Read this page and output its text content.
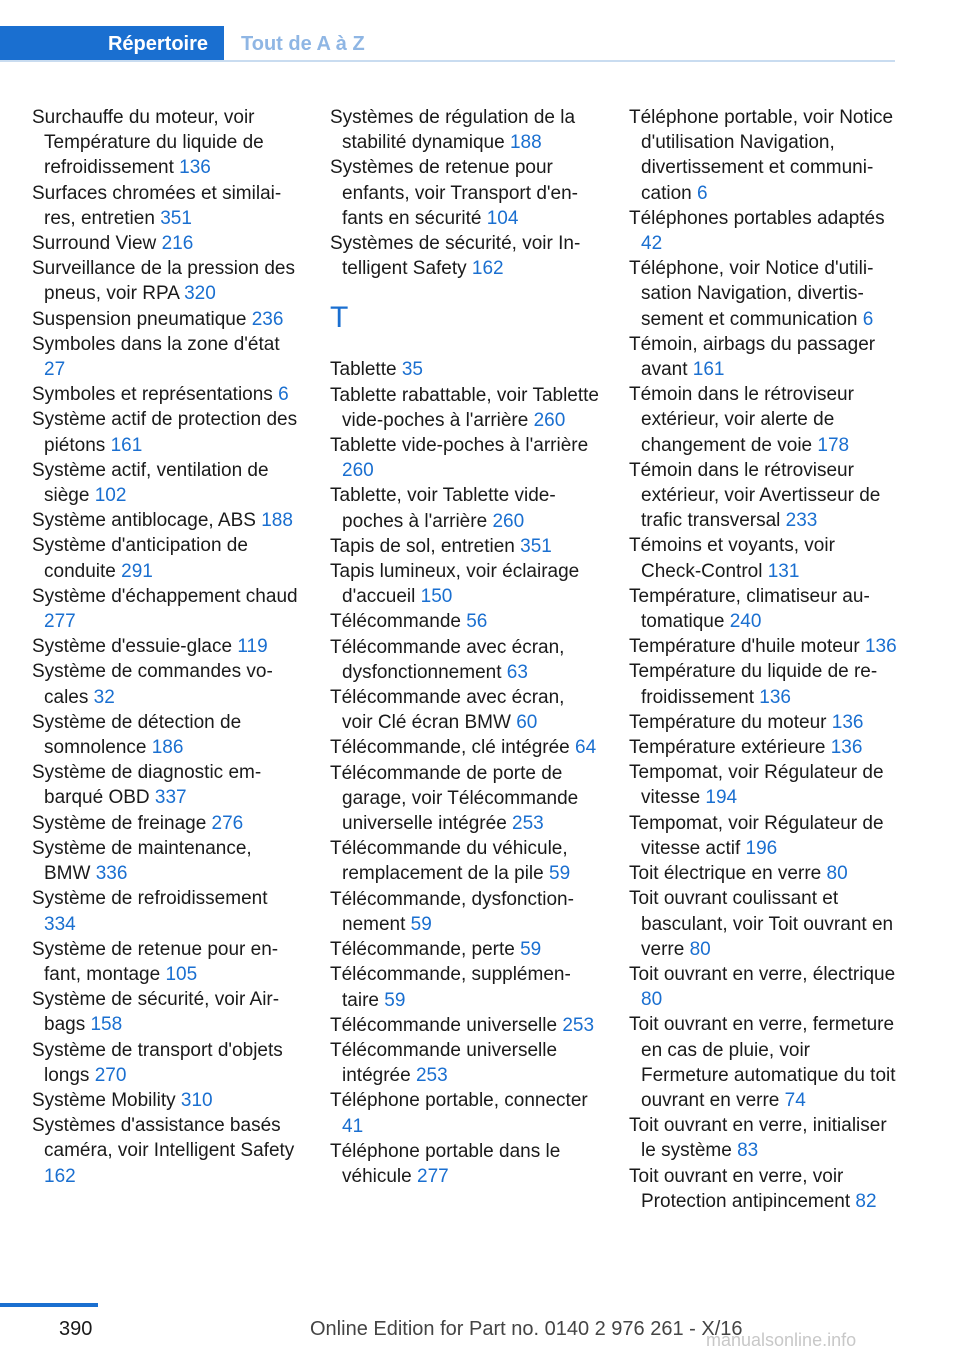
Répertoire	Tout de A à Z

Surchauffe du moteur, voir Température du liquide de refroidissement 136

Surfaces chromées et similaires, entretien 351

Surround View 216

Surveillance de la pression des pneus, voir RPA 320

Suspension pneumatique 236

Symboles dans la zone d'état 27

Symboles et représentations 6

Système actif de protection des piétons 161

Système actif, ventilation de siège 102

Système antiblocage, ABS 188

Système d'anticipation de conduite 291

Système d'échappement chaud 277

Système d'essuie-glace 119

Système de commandes vocales 32

Système de détection de somnolence 186

Système de diagnostic embarqué OBD 337

Système de freinage 276

Système de maintenance, BMW 336

Système de refroidissement 334

Système de retenue pour enfant, montage 105

Système de sécurité, voir Airbags 158

Système de transport d'objets longs 270

Système Mobility 310

Systèmes d'assistance basés caméra, voir Intelligent Safety 162

Systèmes de régulation de la stabilité dynamique 188

Systèmes de retenue pour enfants, voir Transport d'enfants en sécurité 104

Systèmes de sécurité, voir Intelligent Safety 162

T

Tablette 35

Tablette rabattable, voir Tablette vide-poches à l'arrière 260

Tablette vide-poches à l'arrière 260

Tablette, voir Tablette vide-poches à l'arrière 260

Tapis de sol, entretien 351

Tapis lumineux, voir éclairage d'accueil 150

Télécommande 56

Télécommande avec écran, dysfonctionnement 63

Télécommande avec écran, voir Clé écran BMW 60

Télécommande, clé intégrée 64

Télécommande de porte de garage, voir Télécommande universelle intégrée 253

Télécommande du véhicule, remplacement de la pile 59

Télécommande, dysfonctionnement 59

Télécommande, perte 59

Télécommande, supplémentaire 59

Télécommande universelle 253

Télécommande universelle intégrée 253

Téléphone portable, connecter 41

Téléphone portable dans le véhicule 277

Téléphone portable, voir Notice d'utilisation Navigation, divertissement et communication 6

Téléphones portables adaptés 42

Téléphone, voir Notice d'utilisation Navigation, divertissement et communication 6

Témoin, airbags du passager avant 161

Témoin dans le rétroviseur extérieur, voir alerte de changement de voie 178

Témoin dans le rétroviseur extérieur, voir Avertisseur de trafic transversal 233

Témoins et voyants, voir Check-Control 131

Température, climatiseur automatique 240

Température d'huile moteur 136

Température du liquide de refroidissement 136

Température du moteur 136

Température extérieure 136

Tempomat, voir Régulateur de vitesse 194

Tempomat, voir Régulateur de vitesse actif 196

Toit électrique en verre 80

Toit ouvrant coulissant et basculant, voir Toit ouvrant en verre 80

Toit ouvrant en verre, électrique 80

Toit ouvrant en verre, fermeture en cas de pluie, voir Fermeture automatique du toit ouvrant en verre 74

Toit ouvrant en verre, initialiser le système 83

Toit ouvrant en verre, voir Protection antipincement 82

390	Online Edition for Part no. 0140 2 976 261 - X/16
manualsonline.info
